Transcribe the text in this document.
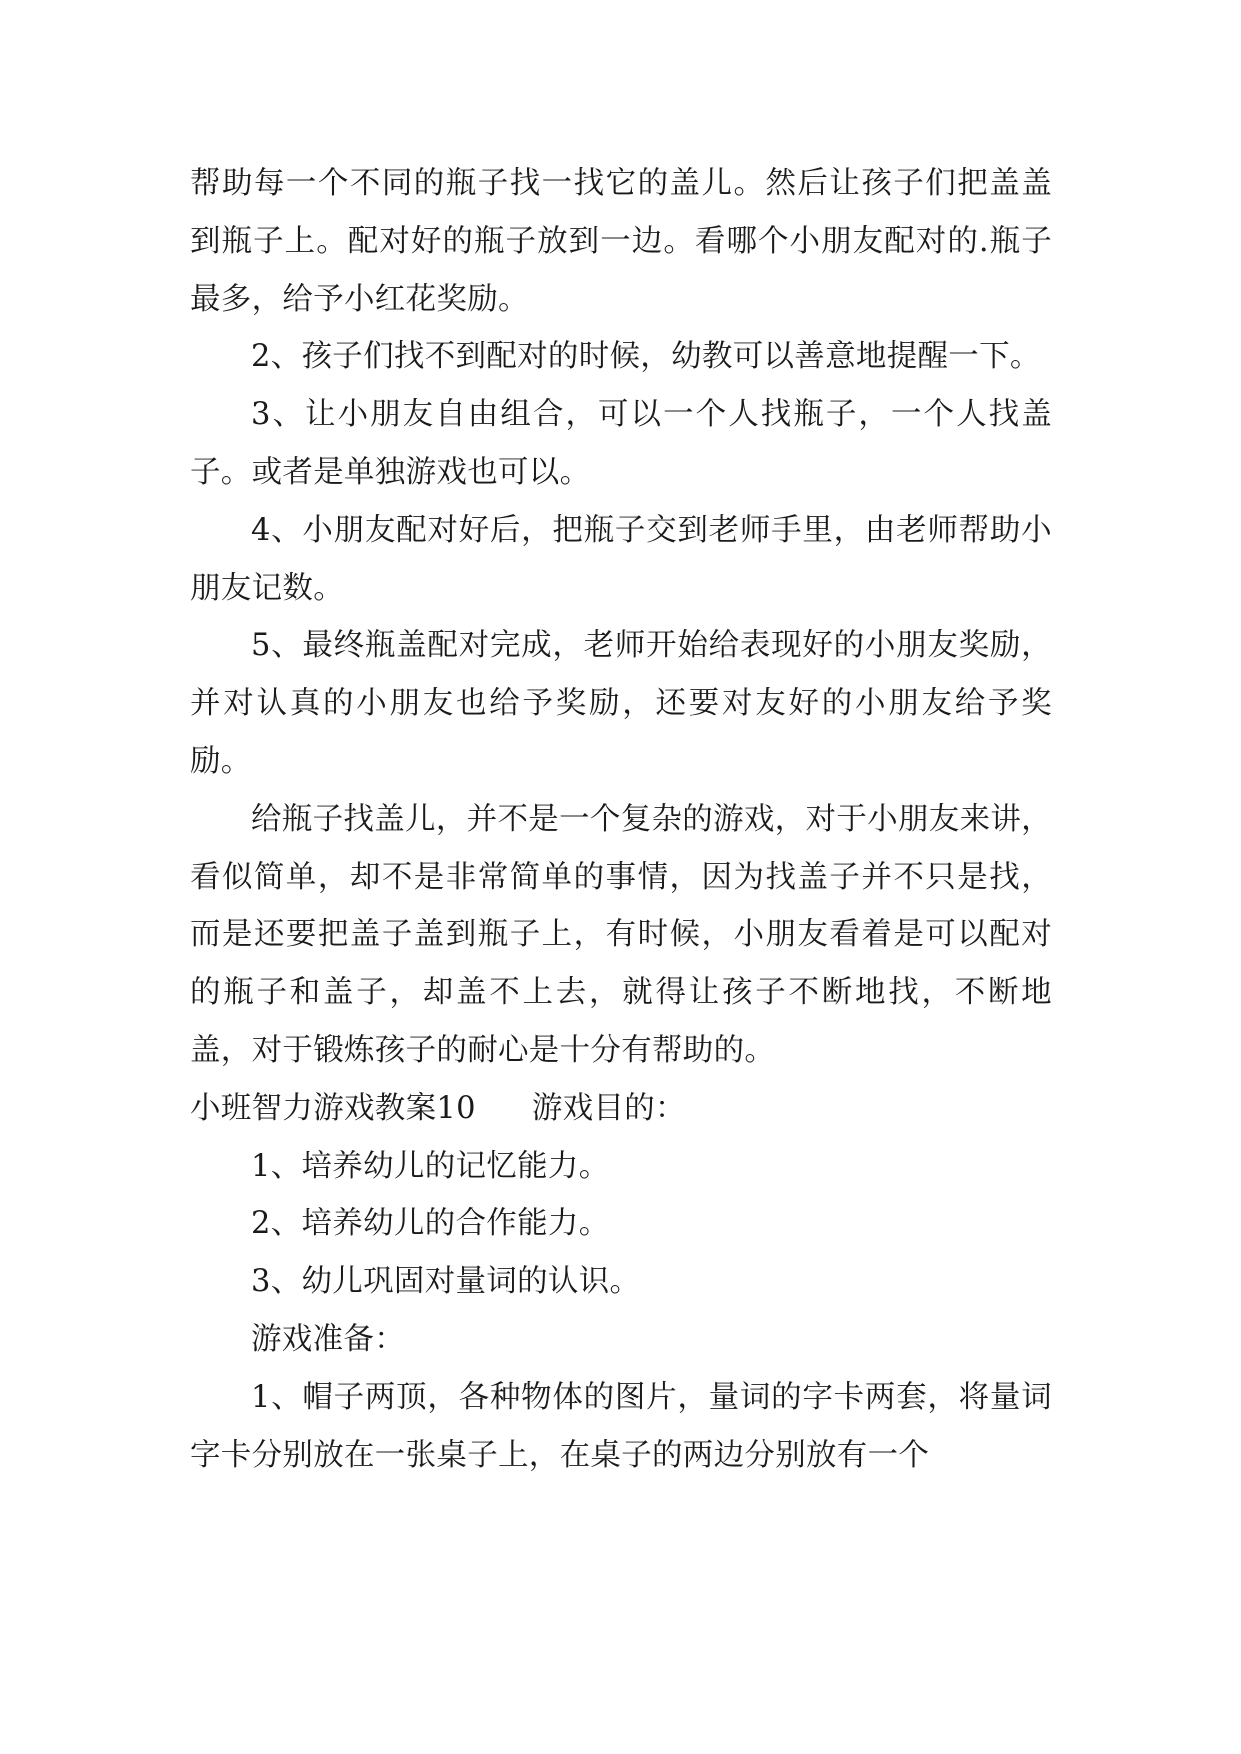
帮助每一个不同的瓶子找一找它的盖儿。然后让孩子们把盖盖到瓶子上。配对好的瓶子放到一边。看哪个小朋友配对的.瓶子最多，给予小红花奖励。

2、孩子们找不到配对的时候，幼教可以善意地提醒一下。

3、让小朋友自由组合，可以一个人找瓶子，一个人找盖子。或者是单独游戏也可以。

4、小朋友配对好后，把瓶子交到老师手里，由老师帮助小朋友记数。

5、最终瓶盖配对完成，老师开始给表现好的小朋友奖励，并对认真的小朋友也给予奖励，还要对友好的小朋友给予奖励。

给瓶子找盖儿，并不是一个复杂的游戏，对于小朋友来讲，看似简单，却不是非常简单的事情，因为找盖子并不只是找，而是还要把盖子盖到瓶子上，有时候，小朋友看着是可以配对的瓶子和盖子，却盖不上去，就得让孩子不断地找，不断地盖，对于锻炼孩子的耐心是十分有帮助的。

小班智力游戏教案10 游戏目的：

1、培养幼儿的记忆能力。

2、培养幼儿的合作能力。

3、幼儿巩固对量词的认识。

游戏准备：

1、帽子两顶，各种物体的图片，量词的字卡两套，将量词字卡分别放在一张桌子上，在桌子的两边分别放有一个
